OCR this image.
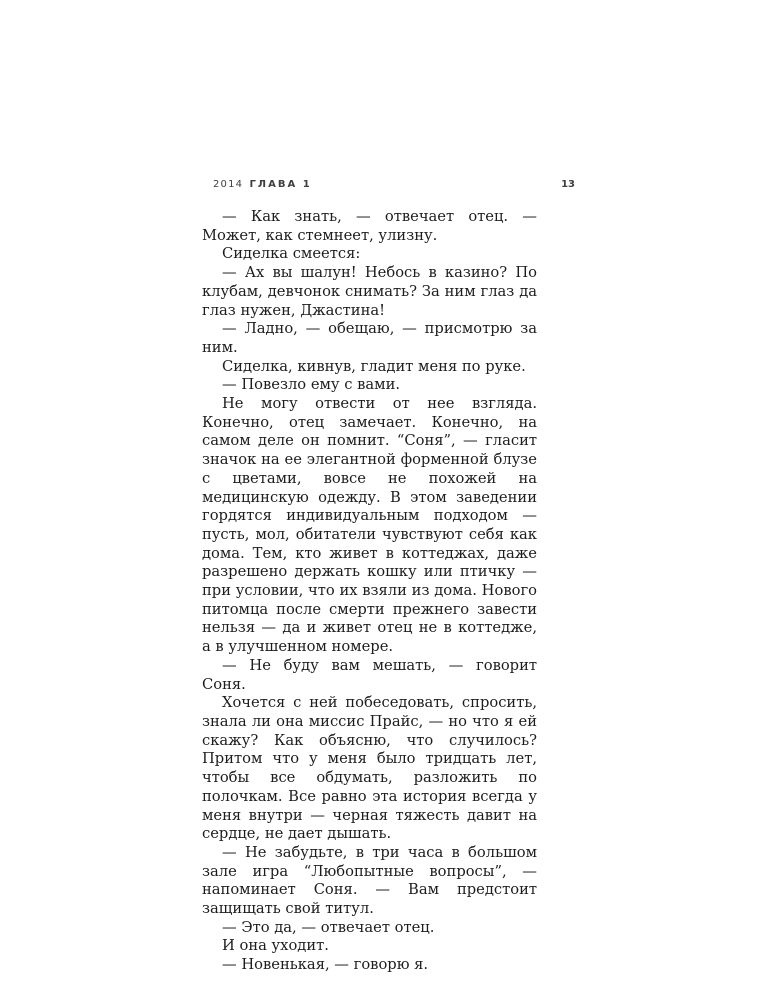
2014 ГЛАВА 1	13

— Как знать, — отвечает отец. — Может, как стемнеет, улизну.

Сиделка смеется:

— Ах вы шалун! Небось в казино? По клубам, девчонок снимать? За ним глаз да глаз нужен, Джастина!

— Ладно, — обещаю, — присмотрю за ним.

Сиделка, кивнув, гладит меня по руке.

— Повезло ему с вами.

Не могу отвести от нее взгляда. Конечно, отец замечает. Конечно, на самом деле он помнит. “Соня”, — гласит значок на ее элегантной форменной блузе с цветами, вовсе не похожей на медицинскую одежду. В этом заведении гордятся индивидуальным подходом — пусть, мол, обитатели чувствуют себя как дома. Тем, кто живет в коттеджах, даже разрешено держать кошку или птичку — при условии, что их взяли из дома. Нового питомца после смерти прежнего завести нельзя — да и живет отец не в коттедже, а в улучшенном номере.

— Не буду вам мешать, — говорит Соня.

Хочется с ней побеседовать, спросить, знала ли она миссис Прайс, — но что я ей скажу? Как объясню, что случилось? Притом что у меня было тридцать лет, чтобы все обдумать, разложить по полочкам. Все равно эта история всегда у меня внутри — черная тяжесть давит на сердце, не дает дышать.

— Не забудьте, в три часа в большом зале игра “Любопытные вопросы”, — напоминает Соня. — Вам предстоит защищать свой титул.

— Это да, — отвечает отец.

И она уходит.

— Новенькая, — говорю я.
